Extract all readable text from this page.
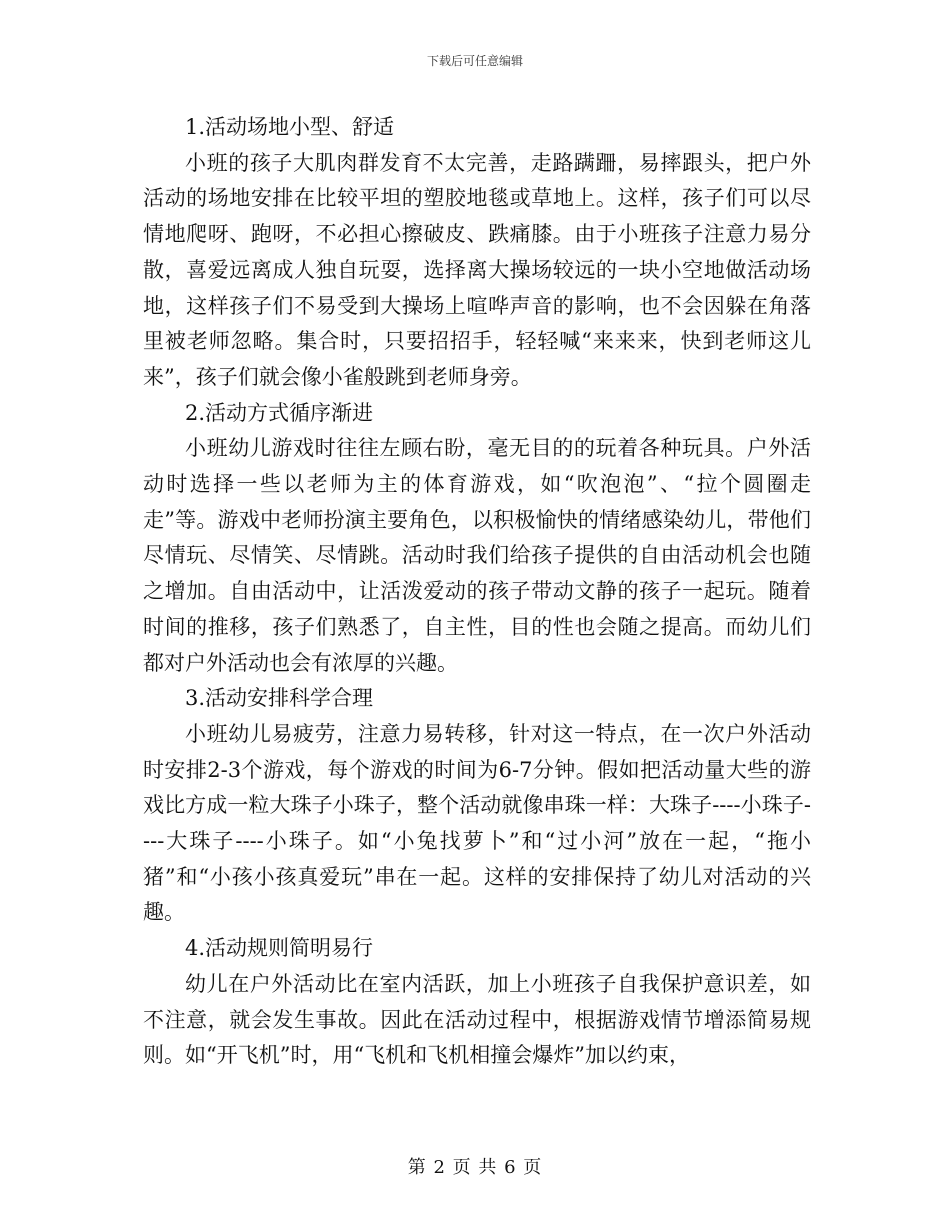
下载后可任意编辑

1.活动场地小型、舒适

小班的孩子大肌肉群发育不太完善，走路蹒跚，易摔跟头，把户外活动的场地安排在比较平坦的塑胶地毯或草地上。这样，孩子们可以尽情地爬呀、跑呀，不必担心擦破皮、跌痛膝。由于小班孩子注意力易分散，喜爱远离成人独自玩耍，选择离大操场较远的一块小空地做活动场地，这样孩子们不易受到大操场上喧哗声音的影响，也不会因躲在角落里被老师忽略。集合时，只要招招手，轻轻喊“来来来，快到老师这儿来”，孩子们就会像小雀般跳到老师身旁。

2.活动方式循序渐进

小班幼儿游戏时往往左顾右盼，毫无目的的玩着各种玩具。户外活动时选择一些以老师为主的体育游戏，如“吹泡泡”、“拉个圆圈走走”等。游戏中老师扮演主要角色，以积极愉快的情绪感染幼儿，带他们尽情玩、尽情笑、尽情跳。活动时我们给孩子提供的自由活动机会也随之增加。自由活动中，让活泼爱动的孩子带动文静的孩子一起玩。随着时间的推移，孩子们熟悉了，自主性，目的性也会随之提高。而幼儿们都对户外活动也会有浓厚的兴趣。

3.活动安排科学合理

小班幼儿易疲劳，注意力易转移，针对这一特点，在一次户外活动时安排2-3个游戏，每个游戏的时间为6-7分钟。假如把活动量大些的游戏比方成一粒大珠子小珠子，整个活动就像串珠一样：大珠子----小珠子----大珠子----小珠子。如“小兔找萝卜”和“过小河”放在一起，“拖小猪”和“小孩小孩真爱玩”串在一起。这样的安排保持了幼儿对活动的兴趣。

4.活动规则简明易行

幼儿在户外活动比在室内活跃，加上小班孩子自我保护意识差，如不注意，就会发生事故。因此在活动过程中，根据游戏情节增添简易规则。如“开飞机”时，用“飞机和飞机相撞会爆炸”加以约束，

第 2 页 共 6 页
